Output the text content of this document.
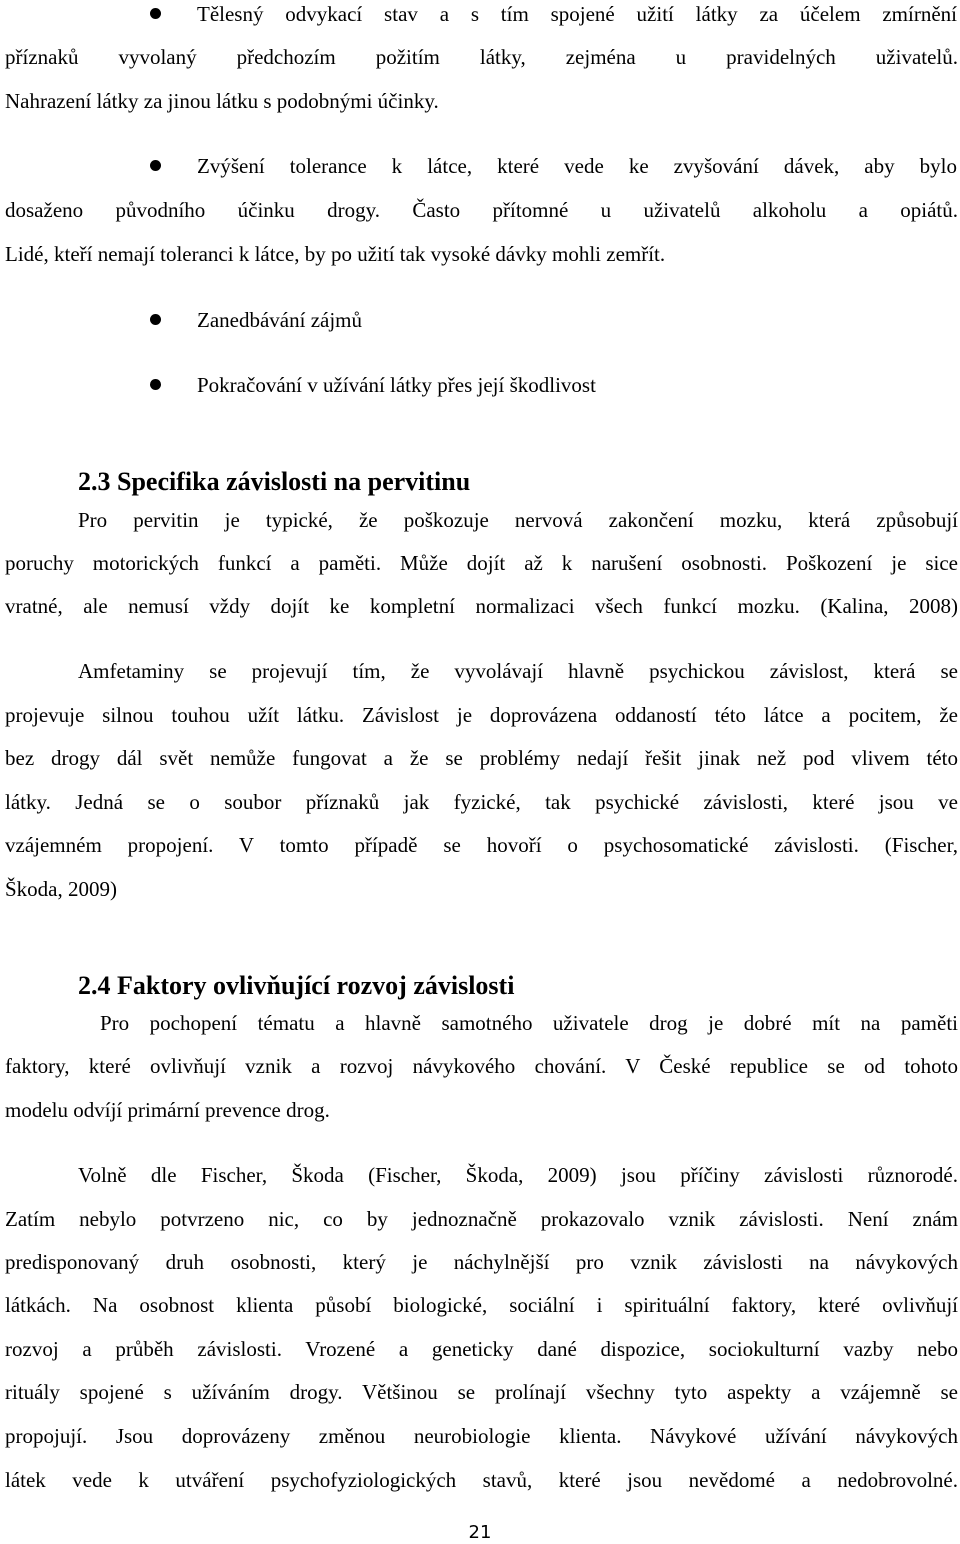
Tělesný odvykací stav a s tím spojené užití látky za účelem zmírnění
příznaků vyvolaný předchozím požitím látky, zejména u pravidelných uživatelů.
Nahrazení látky za jinou látku s podobnými účinky.
Zvýšení tolerance k látce, které vede ke zvyšování dávek, aby bylo
dosaženo původního účinku drogy. Často přítomné u uživatelů alkoholu a opiátů.
Lidé, kteří nemají toleranci k látce, by po užití tak vysoké dávky mohli zemřít.
Zanedbávání zájmů
Pokračování v užívání látky přes její škodlivost
2.3 Specifika závislosti na pervitinu
Pro pervitin je typické, že poškozuje nervová zakončení mozku, která způsobují
poruchy motorických funkcí a paměti. Může dojít až k narušení osobnosti. Poškození je sice
vratné, ale nemusí vždy dojít ke kompletní normalizaci všech funkcí mozku. (Kalina, 2008)
Amfetaminy se projevují tím, že vyvolávají hlavně psychickou závislost, která se
projevuje silnou touhou užít látku. Závislost je doprovázena oddaností této látce a pocitem, že
bez drogy dál svět nemůže fungovat a že se problémy nedají řešit jinak než pod vlivem této
látky. Jedná se o soubor příznaků jak fyzické, tak psychické závislosti, které jsou ve
vzájemném propojení. V tomto případě se hovoří o psychosomatické závislosti. (Fischer,
Škoda, 2009)
2.4 Faktory ovlivňující rozvoj závislosti
Pro pochopení tématu a hlavně samotného uživatele drog je dobré mít na paměti
faktory, které ovlivňují vznik a rozvoj návykového chování. V České republice se od tohoto
modelu odvíjí primární prevence drog.
Volně dle Fischer, Škoda (Fischer, Škoda, 2009) jsou příčiny závislosti různorodé.
Zatím nebylo potvrzeno nic, co by jednoznačně prokazovalo vznik závislosti. Není znám
predisponovaný druh osobnosti, který je náchylnější pro vznik závislosti na návykových
látkách. Na osobnost klienta působí biologické, sociální i spirituální faktory, které ovlivňují
rozvoj a průběh závislosti. Vrozené a geneticky dané dispozice, sociokulturní vazby nebo
rituály spojené s užíváním drogy. Většinou se prolínají všechny tyto aspekty a vzájemně se
propojují. Jsou doprovázeny změnou neurobiologie klienta. Návykové užívání návykových
látek vede k utváření psychofyziologických stavů, které jsou nevědomé a nedobrovolné.
21
